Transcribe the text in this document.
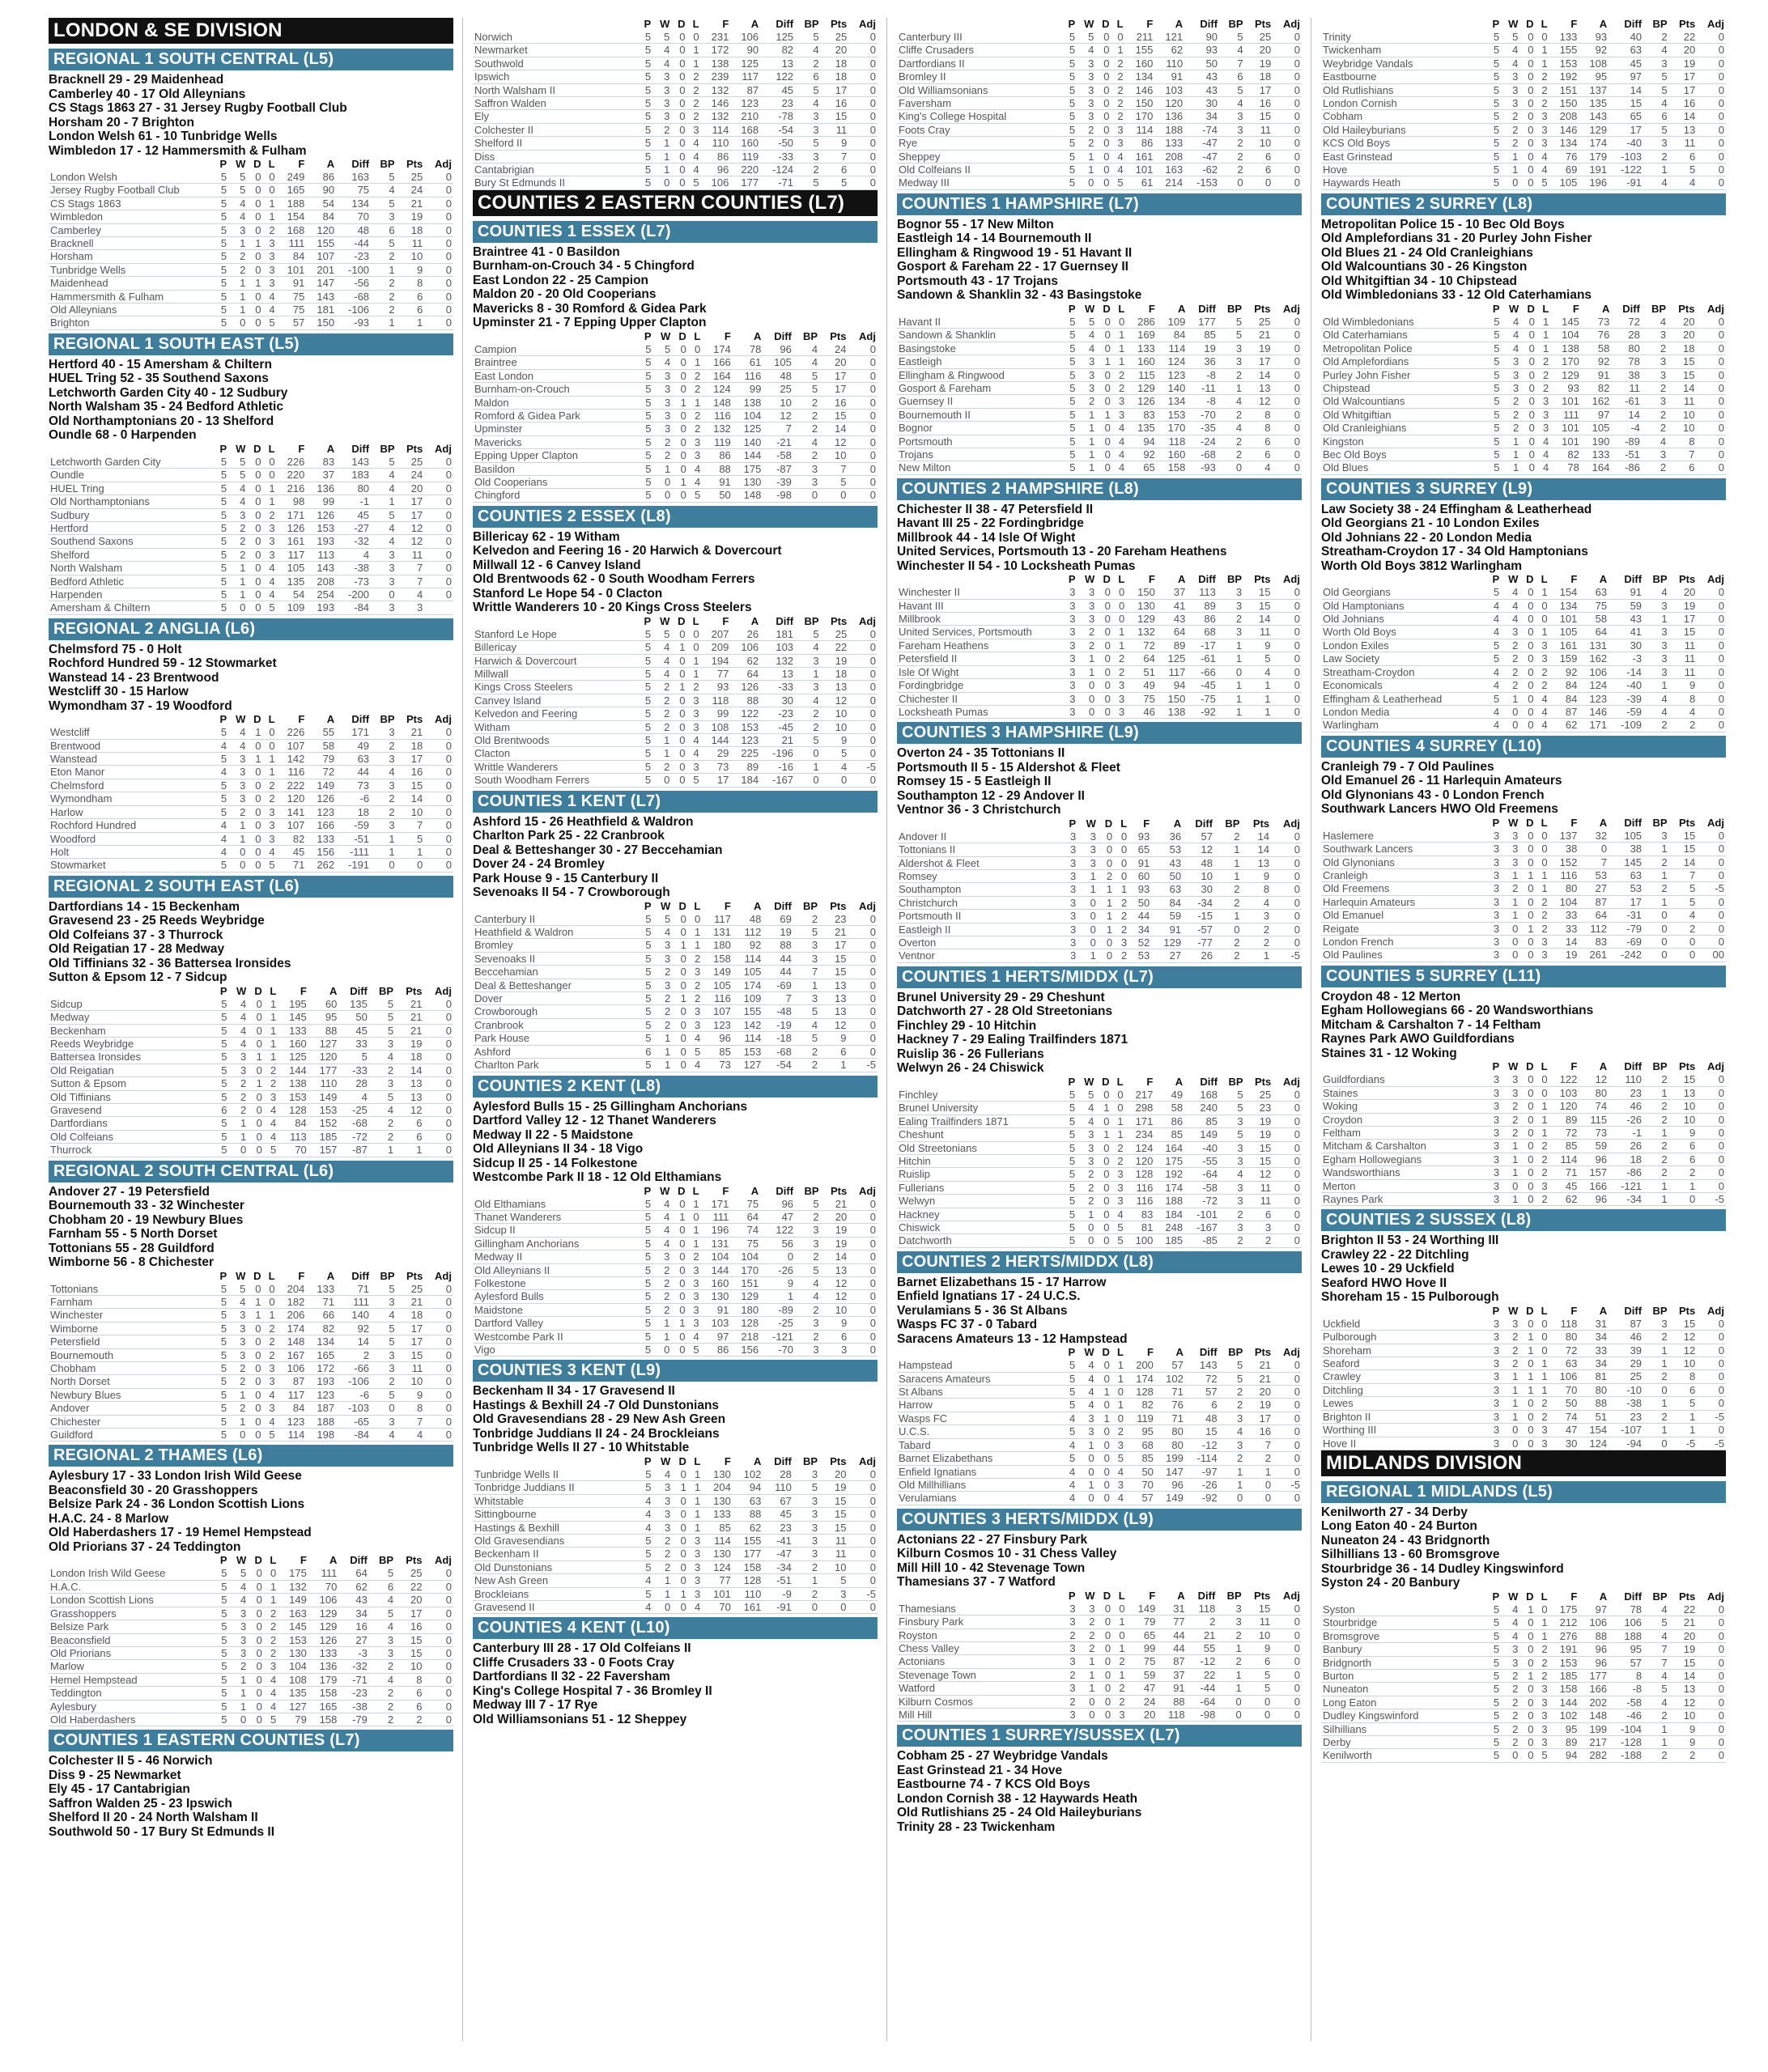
LONDON & SE DIVISION
REGIONAL 1 SOUTH CENTRAL (L5)
Bracknell 29 - 29 Maidenhead
Camberley 40 - 17 Old Alleynians
CS Stags 1863 27 - 31 Jersey Rugby Football Club
Horsham 20 - 7 Brighton
London Welsh 61 - 10 Tunbridge Wells
Wimbledon 17 - 12 Hammersmith & Fulham
	P	W	D	L	F	A	Diff	BP	Pts	Adj
London Welsh	5	5	0	0	249	86	163	5	25	0
Jersey Rugby Football Club	5	5	0	0	165	90	75	4	24	0
CS Stags 1863	5	4	0	1	188	54	134	5	21	0
Wimbledon	5	4	0	1	154	84	70	3	19	0
Camberley	5	3	0	2	168	120	48	6	18	0
Bracknell	5	1	1	3	111	155	-44	5	11	0
Horsham	5	2	0	3	84	107	-23	2	10	0
Tunbridge Wells	5	2	0	3	101	201	-100	1	9	0
Maidenhead	5	1	1	3	91	147	-56	2	8	0
Hammersmith & Fulham	5	1	0	4	75	143	-68	2	6	0
Old Alleynians	5	1	0	4	75	181	-106	2	6	0
Brighton	5	0	0	5	57	150	-93	1	1	0
REGIONAL 1 SOUTH EAST (L5)
Hertford 40 - 15 Amersham & Chiltern
HUEL Tring 52 - 35 Southend Saxons
Letchworth Garden City 40 - 12 Sudbury
North Walsham 35 - 24 Bedford Athletic
Old Northamptonians 20 - 13 Shelford
Oundle 68 - 0 Harpenden
	P	W	D	L	F	A	Diff	BP	Pts	Adj
Letchworth Garden City	5	5	0	0	226	83	143	5	25	0
Oundle	5	5	0	0	220	37	183	4	24	0
HUEL Tring	5	4	0	1	216	136	80	4	20	0
Old Northamptonians	5	4	0	1	98	99	-1	1	17	0
Sudbury	5	3	0	2	171	126	45	5	17	0
Hertford	5	2	0	3	126	153	-27	4	12	0
Southend Saxons	5	2	0	3	161	193	-32	4	12	0
Shelford	5	2	0	3	117	113	4	3	11	0
North Walsham	5	1	0	4	105	143	-38	3	7	0
Bedford Athletic	5	1	0	4	135	208	-73	3	7	0
Harpenden	5	1	0	4	54	254	-200	0	4	0
Amersham & Chiltern	5	0	0	5	109	193	-84	3	3	
REGIONAL 2 ANGLIA (L6)
Chelmsford 75 - 0 Holt
Rochford Hundred 59 - 12 Stowmarket
Wanstead 14 - 23 Brentwood
Westcliff 30 - 15 Harlow
Wymondham 37 - 19 Woodford
	P	W	D	L	F	A	Diff	BP	Pts	Adj
Westcliff	5	4	1	0	226	55	171	3	21	0
Brentwood	4	4	0	0	107	58	49	2	18	0
Wanstead	5	3	1	1	142	79	63	3	17	0
Eton Manor	4	3	0	1	116	72	44	4	16	0
Chelmsford	5	3	0	2	222	149	73	3	15	0
Wymondham	5	3	0	2	120	126	-6	2	14	0
Harlow	5	2	0	3	141	123	18	2	10	0
Rochford Hundred	4	1	0	3	107	166	-59	3	7	0
Woodford	4	1	0	3	82	133	-51	1	5	0
Holt	4	0	0	4	45	156	-111	1	1	0
Stowmarket	5	0	0	5	71	262	-191	0	0	0
REGIONAL 2 SOUTH EAST (L6)
Dartfordians 14 - 15 Beckenham
Gravesend 23 - 25 Reeds Weybridge
Old Colfeians 37 - 3 Thurrock
Old Reigatian 17 - 28 Medway
Old Tiffinians 32 - 36 Battersea Ironsides
Sutton & Epsom 12 - 7 Sidcup
	P	W	D	L	F	A	Diff	BP	Pts	Adj
Sidcup	5	4	0	1	195	60	135	5	21	0
Medway	5	4	0	1	145	95	50	5	21	0
Beckenham	5	4	0	1	133	88	45	5	21	0
Reeds Weybridge	5	4	0	1	160	127	33	3	19	0
Battersea Ironsides	5	3	1	1	125	120	5	4	18	0
Old Reigatian	5	3	0	2	144	177	-33	2	14	0
Sutton & Epsom	5	2	1	2	138	110	28	3	13	0
Old Tiffinians	5	2	0	3	153	149	4	5	13	0
Gravesend	6	2	0	4	128	153	-25	4	12	0
Dartfordians	5	1	0	4	84	152	-68	2	6	0
Old Colfeians	5	1	0	4	113	185	-72	2	6	0
Thurrock	5	0	0	5	70	157	-87	1	1	0
REGIONAL 2 SOUTH CENTRAL (L6)
Andover 27 - 19 Petersfield
Bournemouth 33 - 32 Winchester
Chobham 20 - 19 Newbury Blues
Farnham 55 - 5 North Dorset
Tottonians 55 - 28 Guildford
Wimborne 56 - 8 Chichester
	P	W	D	L	F	A	Diff	BP	Pts	Adj
Tottonians	5	5	0	0	204	133	71	5	25	0
Farnham	5	4	1	0	182	71	111	3	21	0
Winchester	5	3	1	1	206	66	140	4	18	0
Wimborne	5	3	0	2	174	82	92	5	17	0
Petersfield	5	3	0	2	148	134	14	5	17	0
Bournemouth	5	3	0	2	167	165	2	3	15	0
Chobham	5	2	0	3	106	172	-66	3	11	0
North Dorset	5	2	0	3	87	193	-106	2	10	0
Newbury Blues	5	1	0	4	117	123	-6	5	9	0
Andover	5	2	0	3	84	187	-103	0	8	0
Chichester	5	1	0	4	123	188	-65	3	7	0
Guildford	5	0	0	5	114	198	-84	4	4	0
REGIONAL 2 THAMES (L6)
Aylesbury 17 - 33 London Irish Wild Geese
Beaconsfield 30 - 20 Grasshoppers
Belsize Park 24 - 36 London Scottish Lions
H.A.C. 24 - 8 Marlow
Old Haberdashers 17 - 19 Hemel Hempstead
Old Priorians 37 - 24 Teddington
	P	W	D	L	F	A	Diff	BP	Pts	Adj
London Irish Wild Geese	5	5	0	0	175	111	64	5	25	0
H.A.C.	5	4	0	1	132	70	62	6	22	0
London Scottish Lions	5	4	0	1	149	106	43	4	20	0
Grasshoppers	5	3	0	2	163	129	34	5	17	0
Belsize Park	5	3	0	2	145	129	16	4	16	0
Beaconsfield	5	3	0	2	153	126	27	3	15	0
Old Priorians	5	3	0	2	130	133	-3	3	15	0
Marlow	5	2	0	3	104	136	-32	2	10	0
Hemel Hempstead	5	1	0	4	108	179	-71	4	8	0
Teddington	5	1	0	4	135	158	-23	2	6	0
Aylesbury	5	1	0	4	127	165	-38	2	6	0
Old Haberdashers	5	0	0	5	79	158	-79	2	2	0
COUNTIES 1 EASTERN COUNTIES (L7)
Colchester II 5 - 46 Norwich
Diss 9 - 25 Newmarket
Ely 45 - 17 Cantabrigian
Saffron Walden 25 - 23 Ipswich
Shelford II 20 - 24 North Walsham II
Southwold 50 - 17 Bury St Edmunds II
	P	W	D	L	F	A	Diff	BP	Pts	Adj
Norwich	5	5	0	0	231	106	125	5	25	0
Newmarket	5	4	0	1	172	90	82	4	20	0
Southwold	5	4	0	1	138	125	13	2	18	0
Ipswich	5	3	0	2	239	117	122	6	18	0
North Walsham II	5	3	0	2	132	87	45	5	17	0
Saffron Walden	5	3	0	2	146	123	23	4	16	0
Ely	5	3	0	2	132	210	-78	3	15	0
Colchester II	5	2	0	3	114	168	-54	3	11	0
Shelford II	5	1	0	4	110	160	-50	5	9	0
Diss	5	1	0	4	86	119	-33	3	7	0
Cantabrigian	5	1	0	4	96	220	-124	2	6	0
Bury St Edmunds II	5	0	0	5	106	177	-71	5	5	0
COUNTIES 2 EASTERN COUNTIES (L7)
COUNTIES 1 ESSEX (L7)
Braintree 41 - 0 Basildon
Burnham-on-Crouch 34 - 5 Chingford
East London 22 - 25 Campion
Maldon 20 - 20 Old Cooperians
Mavericks 8 - 30 Romford & Gidea Park
Upminster 21 - 7 Epping Upper Clapton
	P	W	D	L	F	A	Diff	BP	Pts	Adj
Campion	5	5	0	0	174	78	96	4	24	0
Braintree	5	4	0	1	166	61	105	4	20	0
East London	5	3	0	2	164	116	48	5	17	0
Burnham-on-Crouch	5	3	0	2	124	99	25	5	17	0
Maldon	5	3	1	1	148	138	10	2	16	0
Romford & Gidea Park	5	3	0	2	116	104	12	2	15	0
Upminster	5	3	0	2	132	125	7	2	14	0
Mavericks	5	2	0	3	119	140	-21	4	12	0
Epping Upper Clapton	5	2	0	3	86	144	-58	2	10	0
Basildon	5	1	0	4	88	175	-87	3	7	0
Old Cooperians	5	0	1	4	91	130	-39	3	5	0
Chingford	5	0	0	5	50	148	-98	0	0	0
COUNTIES 2 ESSEX (L8)
Billericay 62 - 19 Witham
Kelvedon and Feering 16 - 20 Harwich & Dovercourt
Millwall 12 - 6 Canvey Island
Old Brentwoods 62 - 0 South Woodham Ferrers
Stanford Le Hope 54 - 0 Clacton
Writtle Wanderers 10 - 20 Kings Cross Steelers
	P	W	D	L	F	A	Diff	BP	Pts	Adj
Stanford Le Hope	5	5	0	0	207	26	181	5	25	0
Billericay	5	4	1	0	209	106	103	4	22	0
Harwich & Dovercourt	5	4	0	1	194	62	132	3	19	0
Millwall	5	4	0	1	77	64	13	1	18	0
Kings Cross Steelers	5	2	1	2	93	126	-33	3	13	0
Canvey Island	5	2	0	3	118	88	30	4	12	0
Kelvedon and Feering	5	2	0	3	99	122	-23	2	10	0
Witham	5	2	0	3	108	153	-45	2	10	0
Old Brentwoods	5	1	0	4	144	123	21	5	9	0
Clacton	5	1	0	4	29	225	-196	0	5	0
Writtle Wanderers	5	2	0	3	73	89	-16	1	4	-5
South Woodham Ferrers	5	0	0	5	17	184	-167	0	0	0
COUNTIES 1 KENT (L7)
Ashford 15 - 26 Heathfield & Waldron
Charlton Park 25 - 22 Cranbrook
Deal & Betteshanger 30 - 27 Beccehamian
Dover 24 - 24 Bromley
Park House 9 - 15 Canterbury II
Sevenoaks II 54 - 7 Crowborough
	P	W	D	L	F	A	Diff	BP	Pts	Adj
Canterbury II	5	5	0	0	117	48	69	2	23	0
Heathfield & Waldron	5	4	0	1	131	112	19	5	21	0
Bromley	5	3	1	1	180	92	88	3	17	0
Sevenoaks II	5	3	0	2	158	114	44	3	15	0
Beccehamian	5	2	0	3	149	105	44	7	15	0
Deal & Betteshanger	5	3	0	2	105	174	-69	1	13	0
Dover	5	2	1	2	116	109	7	3	13	0
Crowborough	5	2	0	3	107	155	-48	5	13	0
Cranbrook	5	2	0	3	123	142	-19	4	12	0
Park House	5	1	0	4	96	114	-18	5	9	0
Ashford	6	1	0	5	85	153	-68	2	6	0
Charlton Park	5	1	0	4	73	127	-54	2	1	-5
COUNTIES 2 KENT (L8)
Aylesford Bulls 15 - 25 Gillingham Anchorians
Dartford Valley 12 - 12 Thanet Wanderers
Medway II 22 - 5 Maidstone
Old Alleynians II 34 - 18 Vigo
Sidcup II 25 - 14 Folkestone
Westcombe Park II 18 - 12 Old Elthamians
	P	W	D	L	F	A	Diff	BP	Pts	Adj
Old Elthamians	5	4	0	1	171	75	96	5	21	0
Thanet Wanderers	5	4	1	0	111	64	47	2	20	0
Sidcup II	5	4	0	1	196	74	122	3	19	0
Gillingham Anchorians	5	4	0	1	131	75	56	3	19	0
Medway II	5	3	0	2	104	104	0	2	14	0
Old Alleynians II	5	2	0	3	144	170	-26	5	13	0
Folkestone	5	2	0	3	160	151	9	4	12	0
Aylesford Bulls	5	2	0	3	130	129	1	4	12	0
Maidstone	5	2	0	3	91	180	-89	2	10	0
Dartford Valley	5	1	1	3	103	128	-25	3	9	0
Westcombe Park II	5	1	0	4	97	218	-121	2	6	0
Vigo	5	0	0	5	86	156	-70	3	3	0
COUNTIES 3 KENT (L9)
Beckenham II 34 - 17 Gravesend II
Hastings & Bexhill 24 -7 Old Dunstonians
Old Gravesendians 28 - 29 New Ash Green
Tonbridge Juddians II 24 - 24 Brockleians
Tunbridge Wells II 27 - 10 Whitstable
	P	W	D	L	F	A	Diff	BP	Pts	Adj
Tunbridge Wells II	5	4	0	1	130	102	28	3	20	0
Tonbridge Juddians II	5	3	1	1	204	94	110	5	19	0
Whitstable	4	3	0	1	130	63	67	3	15	0
Sittingbourne	4	3	0	1	133	88	45	3	15	0
Hastings & Bexhill	4	3	0	1	85	62	23	3	15	0
Old Gravesendians	5	2	0	3	114	155	-41	3	11	0
Beckenham II	5	2	0	3	130	177	-47	3	11	0
Old Dunstonians	5	2	0	3	124	158	-34	2	10	0
New Ash Green	4	1	0	3	77	128	-51	1	5	0
Brockleians	5	1	1	3	101	110	-9	2	3	-5
Gravesend II	4	0	0	4	70	161	-91	0	0	0
COUNTIES 4 KENT (L10)
Canterbury III 28 - 17 Old Colfeians II
Cliffe Crusaders 33 - 0 Foots Cray
Dartfordians II 32 - 22 Faversham
King's College Hospital 7 - 36 Bromley II
Medway III 7 - 17 Rye
Old Williamsonians 51 - 12 Sheppey
	P	W	D	L	F	A	Diff	BP	Pts	Adj
Canterbury III	5	5	0	0	211	121	90	5	25	0
Cliffe Crusaders	5	4	0	1	155	62	93	4	20	0
Dartfordians II	5	3	0	2	160	110	50	7	19	0
Bromley II	5	3	0	2	134	91	43	6	18	0
Old Williamsonians	5	3	0	2	146	103	43	5	17	0
Faversham	5	3	0	2	150	120	30	4	16	0
King's College Hospital	5	3	0	2	170	136	34	3	15	0
Foots Cray	5	2	0	3	114	188	-74	3	11	0
Rye	5	2	0	3	86	133	-47	2	10	0
Sheppey	5	1	0	4	161	208	-47	2	6	0
Old Colfeians II	5	1	0	4	101	163	-62	2	6	0
Medway III	5	0	0	5	61	214	-153	0	0	0
COUNTIES 1 HAMPSHIRE (L7)
Bognor 55 - 17 New Milton
Eastleigh 14 - 14 Bournemouth II
Ellingham & Ringwood 19 - 51 Havant II
Gosport & Fareham 22 - 17 Guernsey II
Portsmouth 43 - 17 Trojans
Sandown & Shanklin 32 - 43 Basingstoke
	P	W	D	L	F	A	Diff	BP	Pts	Adj
Havant II	5	5	0	0	286	109	177	5	25	0
Sandown & Shanklin	5	4	0	1	169	84	85	5	21	0
Basingstoke	5	4	0	1	133	114	19	3	19	0
Eastleigh	5	3	1	1	160	124	36	3	17	0
Ellingham & Ringwood	5	3	0	2	115	123	-8	2	14	0
Gosport & Fareham	5	3	0	2	129	140	-11	1	13	0
Guernsey II	5	2	0	3	126	134	-8	4	12	0
Bournemouth II	5	1	1	3	83	153	-70	2	8	0
Bognor	5	1	0	4	135	170	-35	4	8	0
Portsmouth	5	1	0	4	94	118	-24	2	6	0
Trojans	5	1	0	4	92	160	-68	2	6	0
New Milton	5	1	0	4	65	158	-93	0	4	0
COUNTIES 2 HAMPSHIRE (L8)
Chichester II 38 - 47 Petersfield II
Havant III 25 - 22 Fordingbridge
Millbrook 44 - 14 Isle Of Wight
United Services, Portsmouth 13 - 20 Fareham Heathens
Winchester II 54 - 10 Locksheath Pumas
	P	W	D	L	F	A	Diff	BP	Pts	Adj
Winchester II	3	3	0	0	150	37	113	3	15	0
Havant III	3	3	0	0	130	41	89	3	15	0
Millbrook	3	3	0	0	129	43	86	2	14	0
United Services, Portsmouth	3	2	0	1	132	64	68	3	11	0
Fareham Heathens	3	2	0	1	72	89	-17	1	9	0
Petersfield II	3	1	0	2	64	125	-61	1	5	0
Isle Of Wight	3	1	0	2	51	117	-66	0	4	0
Fordingbridge	3	0	0	3	49	94	-45	1	1	0
Chichester II	3	0	0	3	75	150	-75	1	1	0
Locksheath Pumas	3	0	0	3	46	138	-92	1	1	0
COUNTIES 3 HAMPSHIRE (L9)
Overton 24 - 35 Tottonians II
Portsmouth II 5 - 15 Aldershot & Fleet
Romsey 15 - 5 Eastleigh II
Southampton 12 - 29 Andover II
Ventnor 36 - 3 Christchurch
	P	W	D	L	F	A	Diff	BP	Pts	Adj
Andover II	3	3	0	0	93	36	57	2	14	0
Tottonians II	3	3	0	0	65	53	12	1	14	0
Aldershot & Fleet	3	3	0	0	91	43	48	1	13	0
Romsey	3	1	2	0	60	50	10	1	9	0
Southampton	3	1	1	1	93	63	30	2	8	0
Christchurch	3	0	1	2	50	84	-34	2	4	0
Portsmouth II	3	0	1	2	44	59	-15	1	3	0
Eastleigh II	3	0	1	2	34	91	-57	0	2	0
Overton	3	0	0	3	52	129	-77	2	2	0
Ventnor	3	1	0	2	53	27	26	2	1	-5
COUNTIES 1 HERTS/MIDDX (L7)
Brunel University 29 - 29 Cheshunt
Datchworth 27 - 28 Old Streetonians
Finchley 29 - 10 Hitchin
Hackney 7 - 29 Ealing Trailfinders 1871
Ruislip 36 - 26 Fullerians
Welwyn 26 - 24 Chiswick
	P	W	D	L	F	A	Diff	BP	Pts	Adj
Finchley	5	5	0	0	217	49	168	5	25	0
Brunel University	5	4	1	0	298	58	240	5	23	0
Ealing Trailfinders 1871	5	4	0	1	171	86	85	3	19	0
Cheshunt	5	3	1	1	234	85	149	5	19	0
Old Streetonians	5	3	0	2	124	164	-40	3	15	0
Hitchin	5	3	0	2	120	175	-55	3	15	0
Ruislip	5	2	0	3	128	192	-64	4	12	0
Fullerians	5	2	0	3	116	174	-58	3	11	0
Welwyn	5	2	0	3	116	188	-72	3	11	0
Hackney	5	1	0	4	83	184	-101	2	6	0
Chiswick	5	0	0	5	81	248	-167	3	3	0
Datchworth	5	0	0	5	100	185	-85	2	2	0
COUNTIES 2 HERTS/MIDDX (L8)
Barnet Elizabethans 15 - 17 Harrow
Enfield Ignatians 17 - 24 U.C.S.
Verulamians 5 - 36 St Albans
Wasps FC 37 - 0 Tabard
Saracens Amateurs 13 - 12 Hampstead
	P	W	D	L	F	A	Diff	BP	Pts	Adj
Hampstead	5	4	0	1	200	57	143	5	21	0
Saracens Amateurs	5	4	0	1	174	102	72	5	21	0
St Albans	5	4	1	0	128	71	57	2	20	0
Harrow	5	4	0	1	82	76	6	2	19	0
Wasps FC	4	3	1	0	119	71	48	3	17	0
U.C.S.	5	3	0	2	95	80	15	4	16	0
Tabard	4	1	0	3	68	80	-12	3	7	0
Barnet Elizabethans	5	0	0	5	85	199	-114	2	2	0
Enfield Ignatians	4	0	0	4	50	147	-97	1	1	0
Old Millhillians	4	1	0	3	70	96	-26	1	0	-5
Verulamians	4	0	0	4	57	149	-92	0	0	0
COUNTIES 3 HERTS/MIDDX (L9)
Actonians 22 - 27 Finsbury Park
Kilburn Cosmos 10 - 31 Chess Valley
Mill Hill 10 - 42 Stevenage Town
Thamesians 37 - 7 Watford
	P	W	D	L	F	A	Diff	BP	Pts	Adj
Thamesians	3	3	0	0	149	31	118	3	15	0
Finsbury Park	3	2	0	1	79	77	2	3	11	0
Royston	2	2	0	0	65	44	21	2	10	0
Chess Valley	3	2	0	1	99	44	55	1	9	0
Actonians	3	1	0	2	75	87	-12	2	6	0
Stevenage Town	2	1	0	1	59	37	22	1	5	0
Watford	3	1	0	2	47	91	-44	1	5	0
Kilburn Cosmos	2	0	0	2	24	88	-64	0	0	0
Mill Hill	3	0	0	3	20	118	-98	0	0	0
COUNTIES 1 SURREY/SUSSEX (L7)
Cobham 25 - 27 Weybridge Vandals
East Grinstead 21 - 34 Hove
Eastbourne 74 - 7 KCS Old Boys
London Cornish 38 - 12 Haywards Heath
Old Rutlishians 25 - 24 Old Haileyburians
Trinity 28 - 23 Twickenham
	P	W	D	L	F	A	Diff	BP	Pts	Adj
Trinity	5	5	0	0	133	93	40	2	22	0
Twickenham	5	4	0	1	155	92	63	4	20	0
Weybridge Vandals	5	4	0	1	153	108	45	3	19	0
Eastbourne	5	3	0	2	192	95	97	5	17	0
Old Rutlishians	5	3	0	2	151	137	14	5	17	0
London Cornish	5	3	0	2	150	135	15	4	16	0
Cobham	5	2	0	3	208	143	65	6	14	0
Old Haileyburians	5	2	0	3	146	129	17	5	13	0
KCS Old Boys	5	2	0	3	134	174	-40	3	11	0
East Grinstead	5	1	0	4	76	179	-103	2	6	0
Hove	5	1	0	4	69	191	-122	1	5	0
Haywards Heath	5	0	0	5	105	196	-91	4	4	0
COUNTIES 2 SURREY (L8)
Metropolitan Police 15 - 10 Bec Old Boys
Old Amplefordians 31 - 20 Purley John Fisher
Old Blues 21 - 24 Old Cranleighians
Old Walcountians 30 - 26 Kingston
Old Whitgiftian 34 - 10 Chipstead
Old Wimbledonians 33 - 12 Old Caterhamians
	P	W	D	L	F	A	Diff	BP	Pts	Adj
Old Wimbledonians	5	4	0	1	145	73	72	4	20	0
Old Caterhamians	5	4	0	1	104	76	28	3	20	0
Metropolitan Police	5	4	0	1	138	58	80	2	18	0
Old Amplefordians	5	3	0	2	170	92	78	3	15	0
Purley John Fisher	5	3	0	2	129	91	38	3	15	0
Chipstead	5	3	0	2	93	82	11	2	14	0
Old Walcountians	5	2	0	3	101	162	-61	3	11	0
Old Whitgiftian	5	2	0	3	111	97	14	2	10	0
Old Cranleighians	5	2	0	3	101	105	-4	2	10	0
Kingston	5	1	0	4	101	190	-89	4	8	0
Bec Old Boys	5	1	0	4	82	133	-51	3	7	0
Old Blues	5	1	0	4	78	164	-86	2	6	0
COUNTIES 3 SURREY (L9)
Law Society 38 - 24 Effingham & Leatherhead
Old Georgians 21 - 10 London Exiles
Old Johnians 22 - 20 London Media
Streatham-Croydon 17 - 34 Old Hamptonians
Worth Old Boys 3812 Warlingham
	P	W	D	L	F	A	Diff	BP	Pts	Adj
Old Georgians	5	4	0	1	154	63	91	4	20	0
Old Hamptonians	4	4	0	0	134	75	59	3	19	0
Old Johnians	4	4	0	0	101	58	43	1	17	0
Worth Old Boys	4	3	0	1	105	64	41	3	15	0
London Exiles	5	2	0	3	161	131	30	3	11	0
Law Society	5	2	0	3	159	162	-3	3	11	0
Streatham-Croydon	4	2	0	2	92	106	-14	3	11	0
Economicals	4	2	0	2	84	124	-40	1	9	0
Effingham & Leatherhead	5	1	0	4	84	123	-39	4	8	0
London Media	4	0	0	4	87	146	-59	4	4	0
Warlingham	4	0	0	4	62	171	-109	2	2	0
COUNTIES 4 SURREY (L10)
Cranleigh 79 - 7 Old Paulines
Old Emanuel 26 - 11 Harlequin Amateurs
Old Glynonians 43 - 0 London French
Southwark Lancers HWO Old Freemens
	P	W	D	L	F	A	Diff	BP	Pts	Adj
Haslemere	3	3	0	0	137	32	105	3	15	0
Southwark Lancers	3	3	0	0	38	0	38	1	15	0
Old Glynonians	3	3	0	0	152	7	145	2	14	0
Cranleigh	3	1	1	1	116	53	63	1	7	0
Old Freemens	3	2	0	1	80	27	53	2	5	-5
Harlequin Amateurs	3	1	0	2	104	87	17	1	5	0
Old Emanuel	3	1	0	2	33	64	-31	0	4	0
Reigate	3	0	1	2	33	112	-79	0	2	0
London French	3	0	0	3	14	83	-69	0	0	0
Old Paulines	3	0	0	3	19	261	-242	0	0	00
COUNTIES 5 SURREY (L11)
Croydon 48 - 12 Merton
Egham Hollowegians 66 - 20 Wandsworthians
Mitcham & Carshalton 7 - 14 Feltham
Raynes Park AWO Guildfordians
Staines 31 - 12 Woking
	P	W	D	L	F	A	Diff	BP	Pts	Adj
Guildfordians	3	3	0	0	122	12	110	2	15	0
Staines	3	3	0	0	103	80	23	1	13	0
Woking	3	2	0	1	120	74	46	2	10	0
Croydon	3	2	0	1	89	115	-26	2	10	0
Feltham	3	2	0	1	72	73	-1	1	9	0
Mitcham & Carshalton	3	1	0	2	85	59	26	2	6	0
Egham Hollowegians	3	1	0	2	114	96	18	2	6	0
Wandsworthians	3	1	0	2	71	157	-86	2	2	0
Merton	3	0	0	3	45	166	-121	1	1	0
Raynes Park	3	1	0	2	62	96	-34	1	0	-5
COUNTIES 2 SUSSEX (L8)
Brighton II 53 - 24 Worthing III
Crawley 22 - 22 Ditchling
Lewes 10 - 29 Uckfield
Seaford HWO Hove II
Shoreham 15 - 15 Pulborough
	P	W	D	L	F	A	Diff	BP	Pts	Adj
Uckfield	3	3	0	0	118	31	87	3	15	0
Pulborough	3	2	1	0	80	34	46	2	12	0
Shoreham	3	2	1	0	72	33	39	1	12	0
Seaford	3	2	0	1	63	34	29	1	10	0
Crawley	3	1	1	1	106	81	25	2	8	0
Ditchling	3	1	1	1	70	80	-10	0	6	0
Lewes	3	1	0	2	50	88	-38	1	5	0
Brighton II	3	1	0	2	74	51	23	2	1	-5
Worthing III	3	0	0	3	47	154	-107	1	1	0
Hove II	3	0	0	3	30	124	-94	0	-5	-5
MIDLANDS DIVISION
REGIONAL 1 MIDLANDS (L5)
Kenilworth 27 - 34 Derby
Long Eaton 40 - 24 Burton
Nuneaton 24 - 43 Bridgnorth
Silhillians 13 - 60 Bromsgrove
Stourbridge 36 - 14 Dudley Kingswinford
Syston 24 - 20 Banbury
	P	W	D	L	F	A	Diff	BP	Pts	Adj
Syston	5	4	1	0	175	97	78	4	22	0
Stourbridge	5	4	0	1	212	106	106	5	21	0
Bromsgrove	5	4	0	1	276	88	188	4	20	0
Banbury	5	3	0	2	191	96	95	7	19	0
Bridgnorth	5	3	0	2	153	96	57	7	15	0
Burton	5	2	1	2	185	177	8	4	14	0
Nuneaton	5	2	0	3	158	166	-8	5	13	0
Long Eaton	5	2	0	3	144	202	-58	4	12	0
Dudley Kingswinford	5	2	0	3	102	148	-46	2	10	0
Silhillians	5	2	0	3	95	199	-104	1	9	0
Derby	5	2	0	3	89	217	-128	1	9	0
Kenilworth	5	0	0	5	94	282	-188	2	2	0
